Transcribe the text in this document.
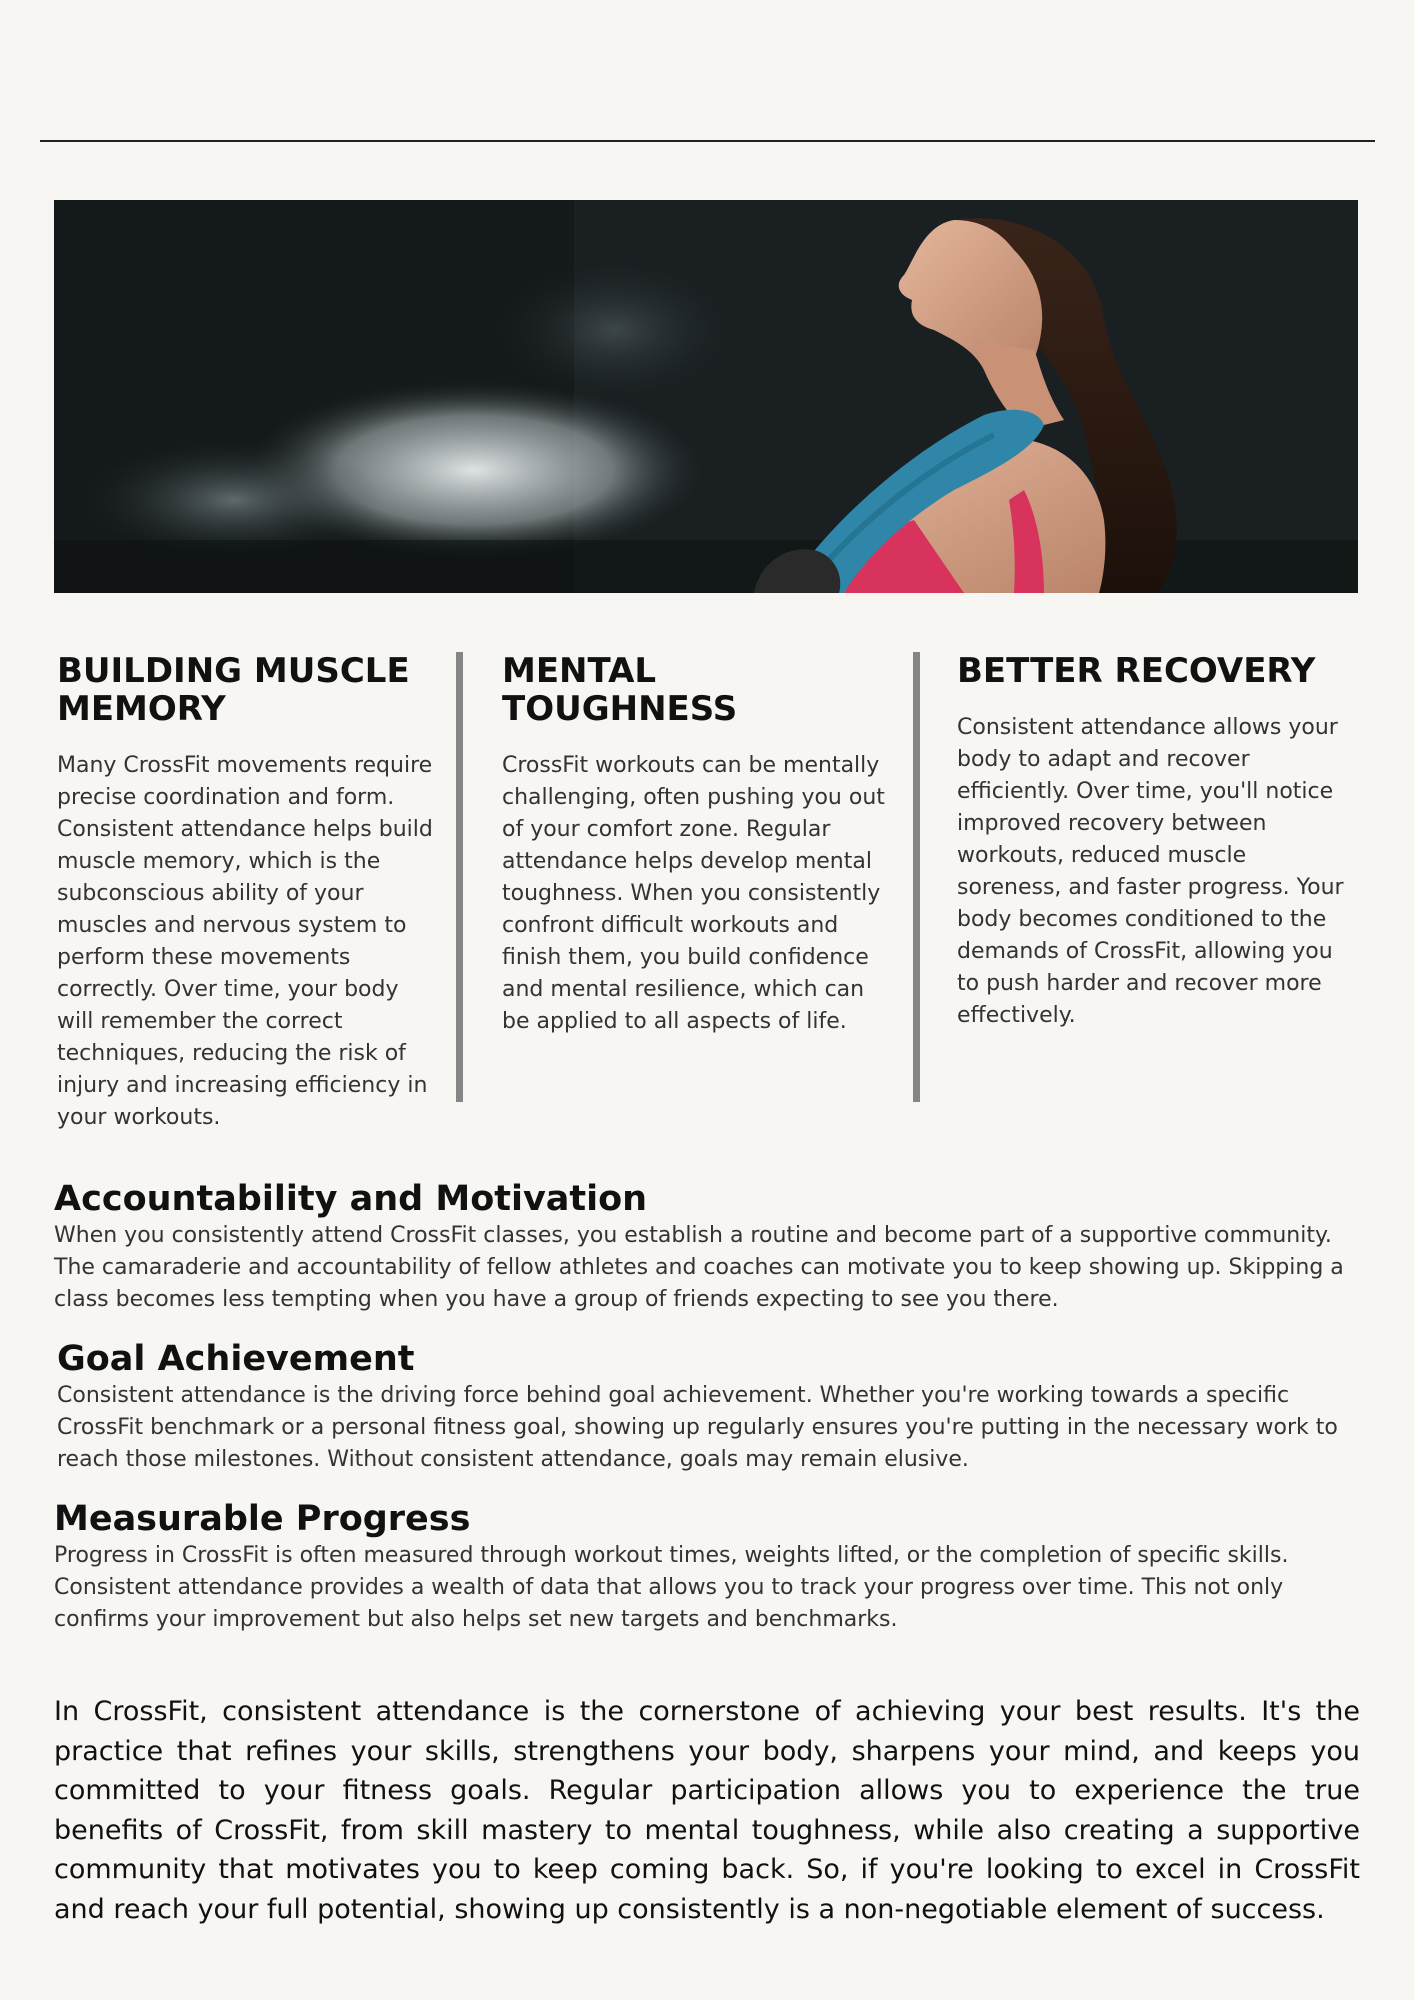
BUILDING MUSCLE MEMORY

Many CrossFit movements require precise coordination and form. Consistent attendance helps build muscle memory, which is the subconscious ability of your muscles and nervous system to perform these movements correctly. Over time, your body will remember the correct techniques, reducing the risk of injury and increasing efficiency in your workouts.

MENTAL TOUGHNESS

CrossFit workouts can be mentally challenging, often pushing you out of your comfort zone. Regular attendance helps develop mental toughness. When you consistently confront difficult workouts and finish them, you build confidence and mental resilience, which can be applied to all aspects of life.

BETTER RECOVERY

Consistent attendance allows your body to adapt and recover efficiently. Over time, you'll notice improved recovery between workouts, reduced muscle soreness, and faster progress. Your body becomes conditioned to the demands of CrossFit, allowing you to push harder and recover more effectively.

Accountability and Motivation

When you consistently attend CrossFit classes, you establish a routine and become part of a supportive community. The camaraderie and accountability of fellow athletes and coaches can motivate you to keep showing up. Skipping a class becomes less tempting when you have a group of friends expecting to see you there.

Goal Achievement

Consistent attendance is the driving force behind goal achievement. Whether you're working towards a specific CrossFit benchmark or a personal fitness goal, showing up regularly ensures you're putting in the necessary work to reach those milestones. Without consistent attendance, goals may remain elusive.

Measurable Progress

Progress in CrossFit is often measured through workout times, weights lifted, or the completion of specific skills. Consistent attendance provides a wealth of data that allows you to track your progress over time. This not only confirms your improvement but also helps set new targets and benchmarks.

In CrossFit, consistent attendance is the cornerstone of achieving your best results. It's the practice that refines your skills, strengthens your body, sharpens your mind, and keeps you committed to your fitness goals. Regular participation allows you to experience the true benefits of CrossFit, from skill mastery to mental toughness, while also creating a supportive community that motivates you to keep coming back. So, if you're looking to excel in CrossFit and reach your full potential, showing up consistently is a non-negotiable element of success.
